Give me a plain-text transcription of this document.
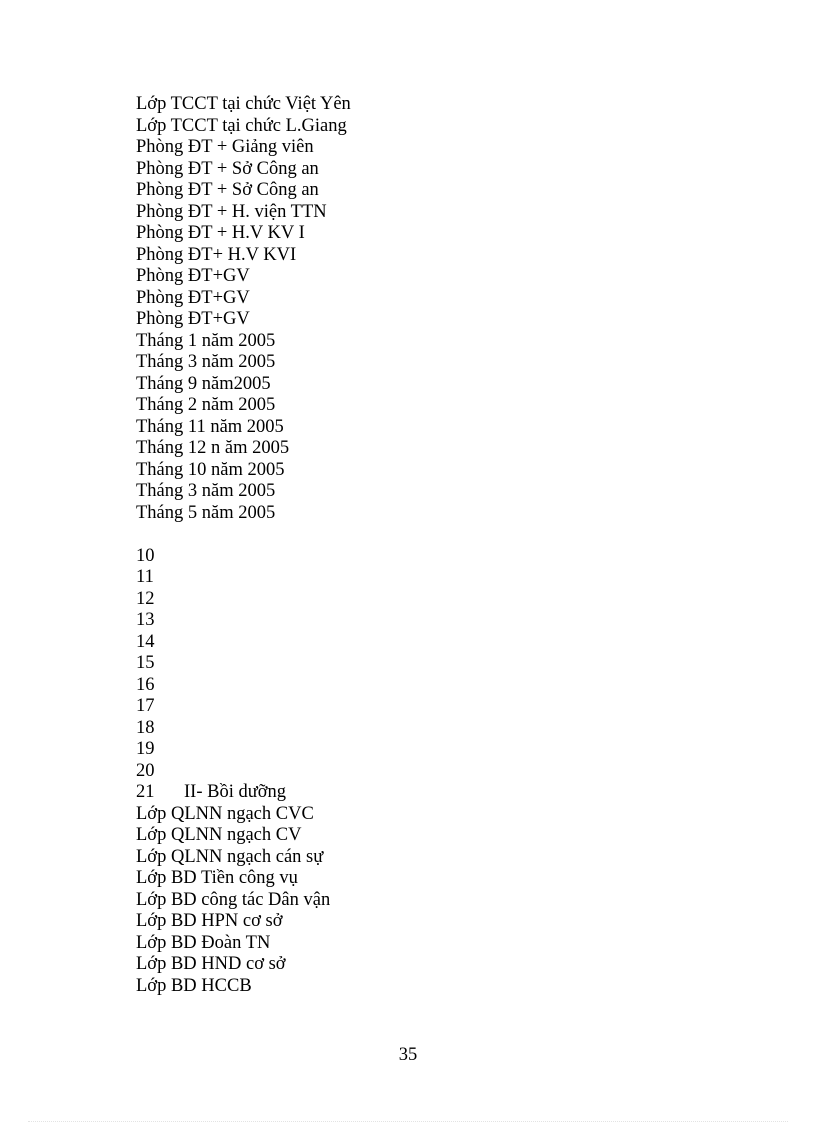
Lớp TCCT tại chức Việt Yên
Lớp TCCT tại chức L.Giang
Phòng ĐT + Giảng viên
Phòng ĐT + Sở Công an
Phòng ĐT + Sở Công an
Phòng ĐT + H. viện TTN
Phòng ĐT + H.V KV I
Phòng ĐT+ H.V KVI
Phòng ĐT+GV
Phòng ĐT+GV
Phòng ĐT+GV
Tháng 1 năm 2005
Tháng 3 năm 2005
Tháng 9 năm2005
Tháng 2 năm 2005
Tháng 11 năm 2005
Tháng 12 n ăm 2005
Tháng 10 năm 2005
Tháng 3 năm 2005
Tháng 5 năm 2005
10
11
12
13
14
15
16
17
18
19
20
21 II- Bồi dưỡng
Lớp QLNN ngạch CVC
Lớp QLNN ngạch CV
Lớp QLNN ngạch cán sự
Lớp BD Tiền công vụ
Lớp BD công tác Dân vận
Lớp BD HPN cơ sở
Lớp BD Đoàn TN
Lớp BD HND cơ sở
Lớp BD HCCB
35
